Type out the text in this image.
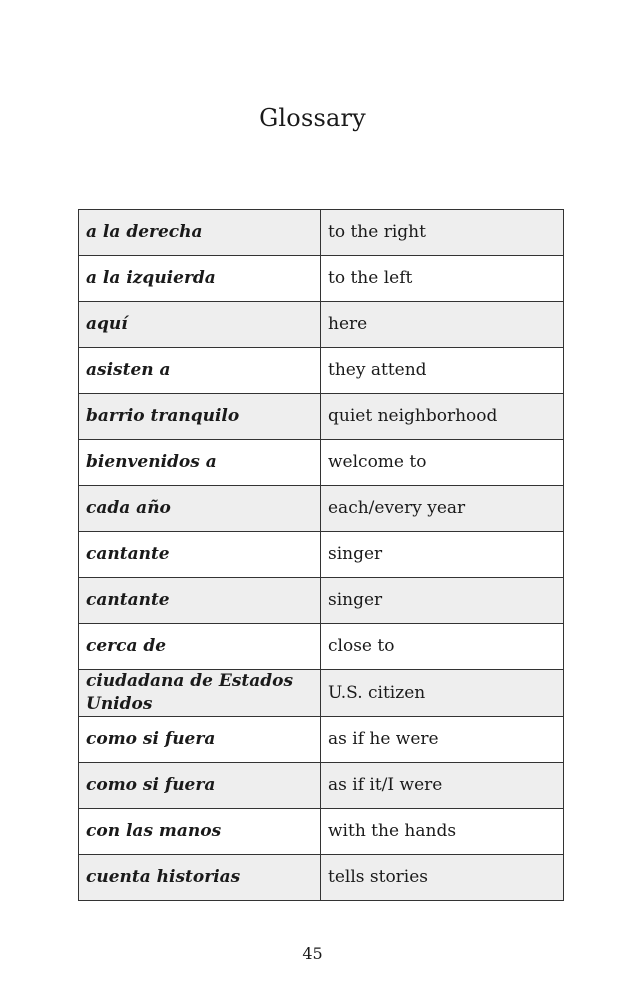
Glossary
a la derecha	to the right
a la izquierda	to the left
aquí	here
asisten a	they attend
barrio tranquilo	quiet neighborhood
bienvenidos a	welcome to
cada año	each/every year
cantante	singer
cantante	singer
cerca de	close to
ciudadana de Estados Unidos	U.S. citizen
como si fuera	as if he were
como si fuera	as if it/I were
con las manos	with the hands
cuenta historias	tells stories
45
